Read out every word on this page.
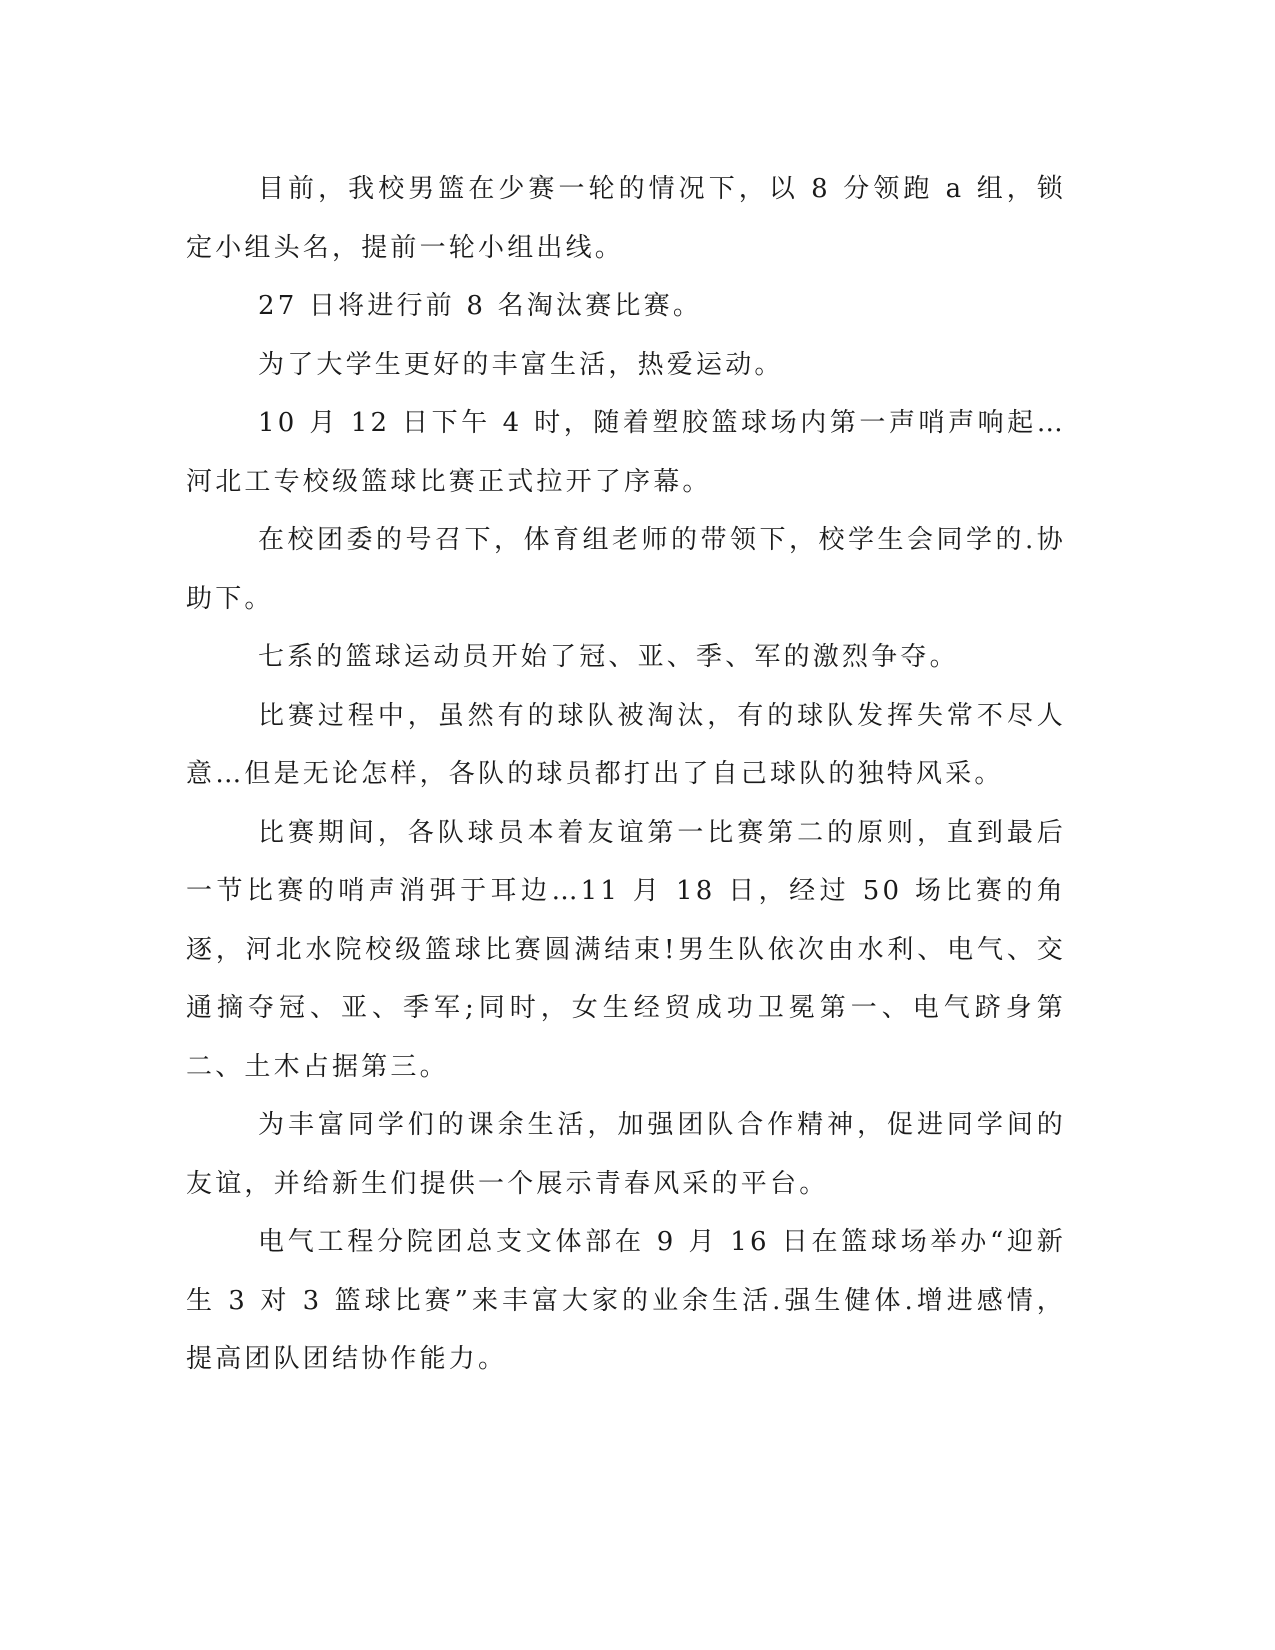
目前，我校男篮在少赛一轮的情况下，以 8 分领跑 a 组，锁定小组头名，提前一轮小组出线。

27 日将进行前 8 名淘汰赛比赛。

为了大学生更好的丰富生活，热爱运动。

10 月 12 日下午 4 时，随着塑胶篮球场内第一声哨声响起…河北工专校级篮球比赛正式拉开了序幕。

在校团委的号召下，体育组老师的带领下，校学生会同学的.协助下。

七系的篮球运动员开始了冠、亚、季、军的激烈争夺。

比赛过程中，虽然有的球队被淘汰，有的球队发挥失常不尽人意…但是无论怎样，各队的球员都打出了自己球队的独特风采。

比赛期间，各队球员本着友谊第一比赛第二的原则，直到最后一节比赛的哨声消弭于耳边…11 月 18 日，经过 50 场比赛的角逐，河北水院校级篮球比赛圆满结束!男生队依次由水利、电气、交通摘夺冠、亚、季军;同时，女生经贸成功卫冕第一、电气跻身第二、土木占据第三。

为丰富同学们的课余生活，加强团队合作精神，促进同学间的友谊，并给新生们提供一个展示青春风采的平台。

电气工程分院团总支文体部在 9 月 16 日在篮球场举办“迎新生 3 对 3 篮球比赛”来丰富大家的业余生活.强生健体.增进感情，提高团队团结协作能力。
